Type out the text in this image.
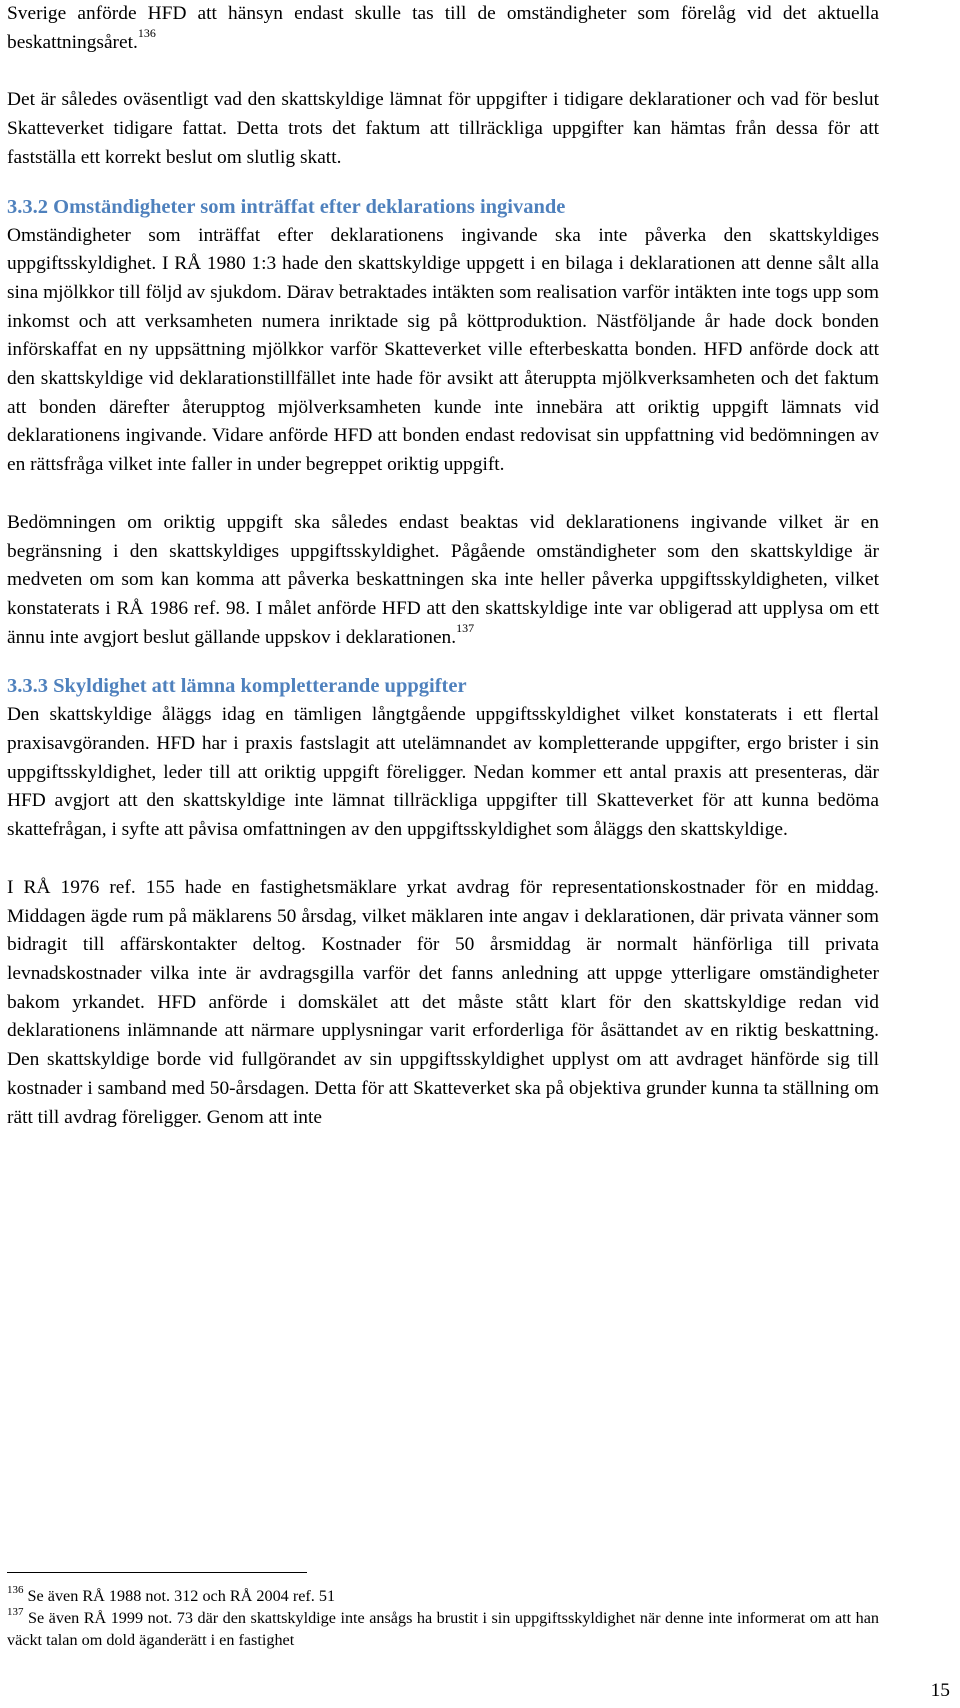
Sverige anförde HFD att hänsyn endast skulle tas till de omständigheter som förelåg vid det aktuella beskattningsåret.$^{136}$

Det är således oväsentligt vad den skattskyldige lämnat för uppgifter i tidigare deklarationer och vad för beslut Skatteverket tidigare fattat. Detta trots det faktum att tillräckliga uppgifter kan hämtas från dessa för att fastställa ett korrekt beslut om slutlig skatt.

3.3.2 Omständigheter som inträffat efter deklarations ingivande

Omständigheter som inträffat efter deklarationens ingivande ska inte påverka den skattskyldiges uppgiftsskyldighet. I RÅ 1980 1:3 hade den skattskyldige uppgett i en bilaga i deklarationen att denne sålt alla sina mjölkkor till följd av sjukdom. Därav betraktades intäkten som realisation varför intäkten inte togs upp som inkomst och att verksamheten numera inriktade sig på köttproduktion. Nästföljande år hade dock bonden införskaffat en ny uppsättning mjölkkor varför Skatteverket ville efterbeskatta bonden. HFD anförde dock att den skattskyldige vid deklarationstillfället inte hade för avsikt att återuppta mjölkverksamheten och det faktum att bonden därefter återupptog mjölverksamheten kunde inte innebära att oriktig uppgift lämnats vid deklarationens ingivande. Vidare anförde HFD att bonden endast redovisat sin uppfattning vid bedömningen av en rättsfråga vilket inte faller in under begreppet oriktig uppgift.

Bedömningen om oriktig uppgift ska således endast beaktas vid deklarationens ingivande vilket är en begränsning i den skattskyldiges uppgiftsskyldighet. Pågående omständigheter som den skattskyldige är medveten om som kan komma att påverka beskattningen ska inte heller påverka uppgiftsskyldigheten, vilket konstaterats i RÅ 1986 ref. 98. I målet anförde HFD att den skattskyldige inte var obligerad att upplysa om ett ännu inte avgjort beslut gällande uppskov i deklarationen.$^{137}$

3.3.3 Skyldighet att lämna kompletterande uppgifter

Den skattskyldige åläggs idag en tämligen långtgående uppgiftsskyldighet vilket konstaterats i ett flertal praxisavgöranden. HFD har i praxis fastslagit att utelämnandet av kompletterande uppgifter, ergo brister i sin uppgiftsskyldighet, leder till att oriktig uppgift föreligger. Nedan kommer ett antal praxis att presenteras, där HFD avgjort att den skattskyldige inte lämnat tillräckliga uppgifter till Skatteverket för att kunna bedöma skattefrågan, i syfte att påvisa omfattningen av den uppgiftsskyldighet som åläggs den skattskyldige.

I RÅ 1976 ref. 155 hade en fastighetsmäklare yrkat avdrag för representationskostnader för en middag. Middagen ägde rum på mäklarens 50 årsdag, vilket mäklaren inte angav i deklarationen, där privata vänner som bidragit till affärskontakter deltog. Kostnader för 50 årsmiddag är normalt hänförliga till privata levnadskostnader vilka inte är avdragsgilla varför det fanns anledning att uppge ytterligare omständigheter bakom yrkandet. HFD anförde i domskälet att det måste stått klart för den skattskyldige redan vid deklarationens inlämnande att närmare upplysningar varit erforderliga för åsättandet av en riktig beskattning. Den skattskyldige borde vid fullgörandet av sin uppgiftsskyldighet upplyst om att avdraget hänförde sig till kostnader i samband med 50-årsdagen. Detta för att Skatteverket ska på objektiva grunder kunna ta ställning om rätt till avdrag föreligger. Genom att inte

$^{136}$ Se även RÅ 1988 not. 312 och RÅ 2004 ref. 51

$^{137}$ Se även RÅ 1999 not. 73 där den skattskyldige inte ansågs ha brustit i sin uppgiftsskyldighet när denne inte informerat om att han väckt talan om dold äganderätt i en fastighet

15
